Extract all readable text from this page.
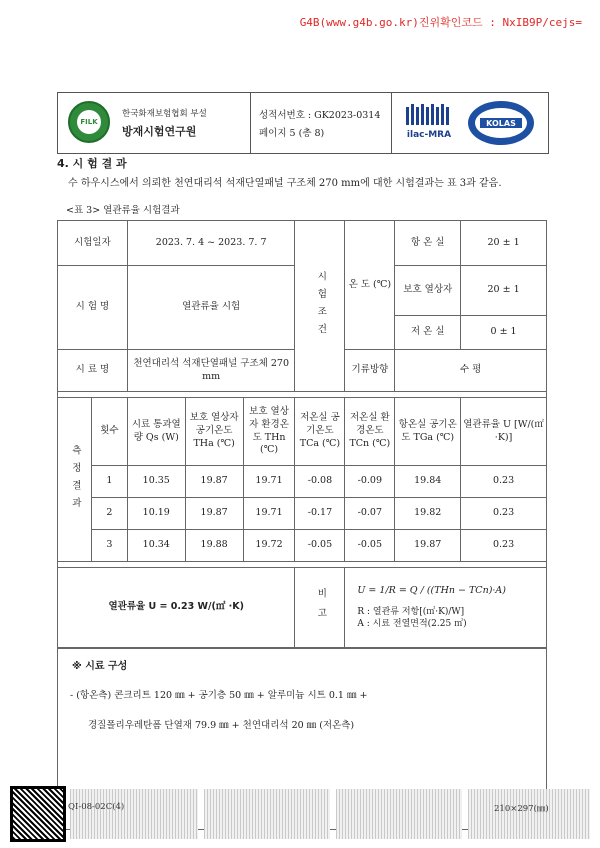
G4B(www.g4b.go.kr)진위확인코드 : NxIB9P/cejs=
FILK
한국화재보험협회 부설
방재시험연구원
성적서번호 : GK2023-0314
페이지 5 (총 8)	ilac-MRA
KOLAS
4. 시 험 결 과
수 하우시스에서 의뢰한 천연대리석 석재단열패널 구조체 270 mm에 대한 시험결과는 표 3과 같음.
<표 3> 열관류율 시험결과
시험일자		2023. 7. 4 ~ 2023. 7. 7			시험조건	온 도 (℃)	항 온 실	20 ± 1
시 험 명		열관류율 시험					보호 열상자	20 ± 1
							저 온 실	0 ± 1
시 료 명		천연대리석 석재단열패널 구조체 270 mm				기류방향	수 평	

측정결과	횟수	시료 통과열량 Qs (W)	보호 열상자 공기온도 THa (℃)	보호 열상자 환경온도 THn (℃)	저온실 공기온도 TCa (℃)	저온실 환경온도 TCn (℃)	항온실 공기온도 TGa (℃)	열관류율 U [W/(㎡·K)]
	1	10.35	19.87	19.71	-0.08	-0.09	19.84	0.23
	2	10.19	19.87	19.71	-0.17	-0.07	19.82	0.23
	3	10.34	19.88	19.72	-0.05	-0.05	19.87	0.23

열관류율 U = 0.23 W/(㎡ ·K)					비고	U = 1/R = Q / ((THn − TCn)·A)
R : 열관류 저항[(㎡·K)/W]
A : 시료 전열면적(2.25 ㎡)		
※ 시료 구성
- (항온측) 콘크리트 120 ㎜ + 공기층 50 ㎜ + 알루미늄 시트 0.1 ㎜ +
경질폴리우레탄폼 단열재 79.9 ㎜ + 천연대리석 20 ㎜ (저온측)
QI-08-02C(4)	210×297(㎜)
